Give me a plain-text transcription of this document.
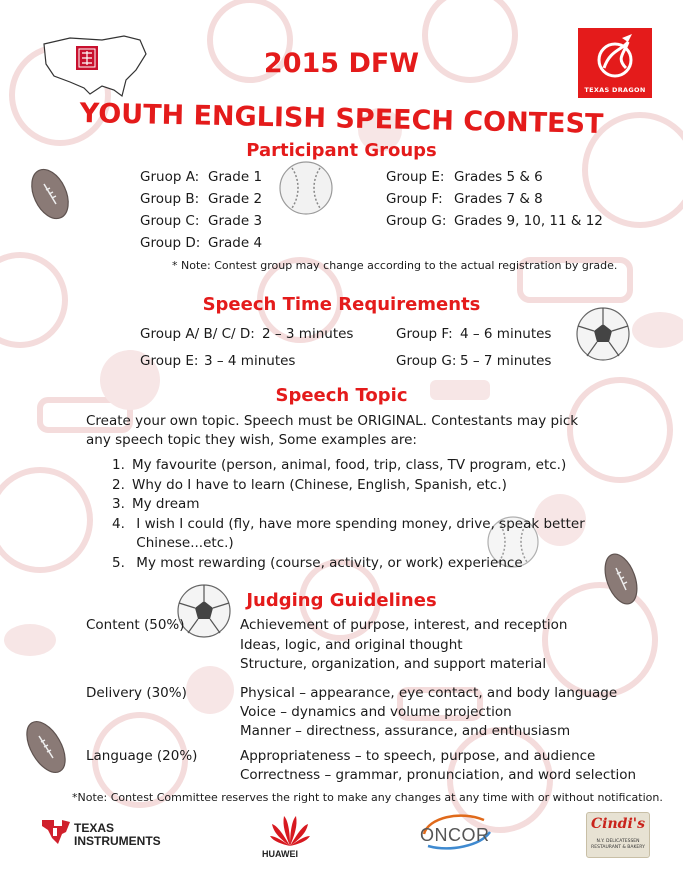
TEXAS DRAGON
2015 DFW
YOUTH ENGLISH SPEECH CONTEST
Participant Groups
Gruop A: Grade 1
Group B: Grade 2
Group C: Grade 3
Group D: Grade 4
Group E: Grades 5 & 6
Group F: Grades 7 & 8
Group G: Grades 9, 10, 11 & 12
* Note: Contest group may change according to the actual registration by grade.
Speech Time Requirements
Group A/ B/ C/ D: 2 – 3 minutes	Group F: 4 – 6 minutes
Group E: 3 – 4 minutes	Group G: 5 – 7 minutes
Speech Topic
Create your own topic. Speech must be ORIGINAL. Contestants may pick
any speech topic they wish, Some examples are:
1. My favourite (person, animal, food, trip, class, TV program, etc.)
2. Why do I have to learn (Chinese, English, Spanish, etc.)
3. My dream
4. I wish I could (fly, have more spending money, drive, speak better
Chinese...etc.)
5. My most rewarding (course, activity, or work) experience
Judging Guidelines
Content (50%)	Achievement of purpose, interest, and reception
Ideas, logic, and original thought
Structure, organization, and support material
Delivery (30%)	Physical – appearance, eye contact, and body language
Voice – dynamics and volume projection
Manner – directness, assurance, and enthusiasm
Language (20%)	Appropriateness – to speech, purpose, and audience
Correctness – grammar, pronunciation, and word selection
*Note: Contest Committee reserves the right to make any changes at any time with or without notification.
TEXAS
INSTRUMENTS
HUAWEI
ONCOR
Cindi's
N.Y. DELICATESSEN
RESTAURANT & BAKERY
